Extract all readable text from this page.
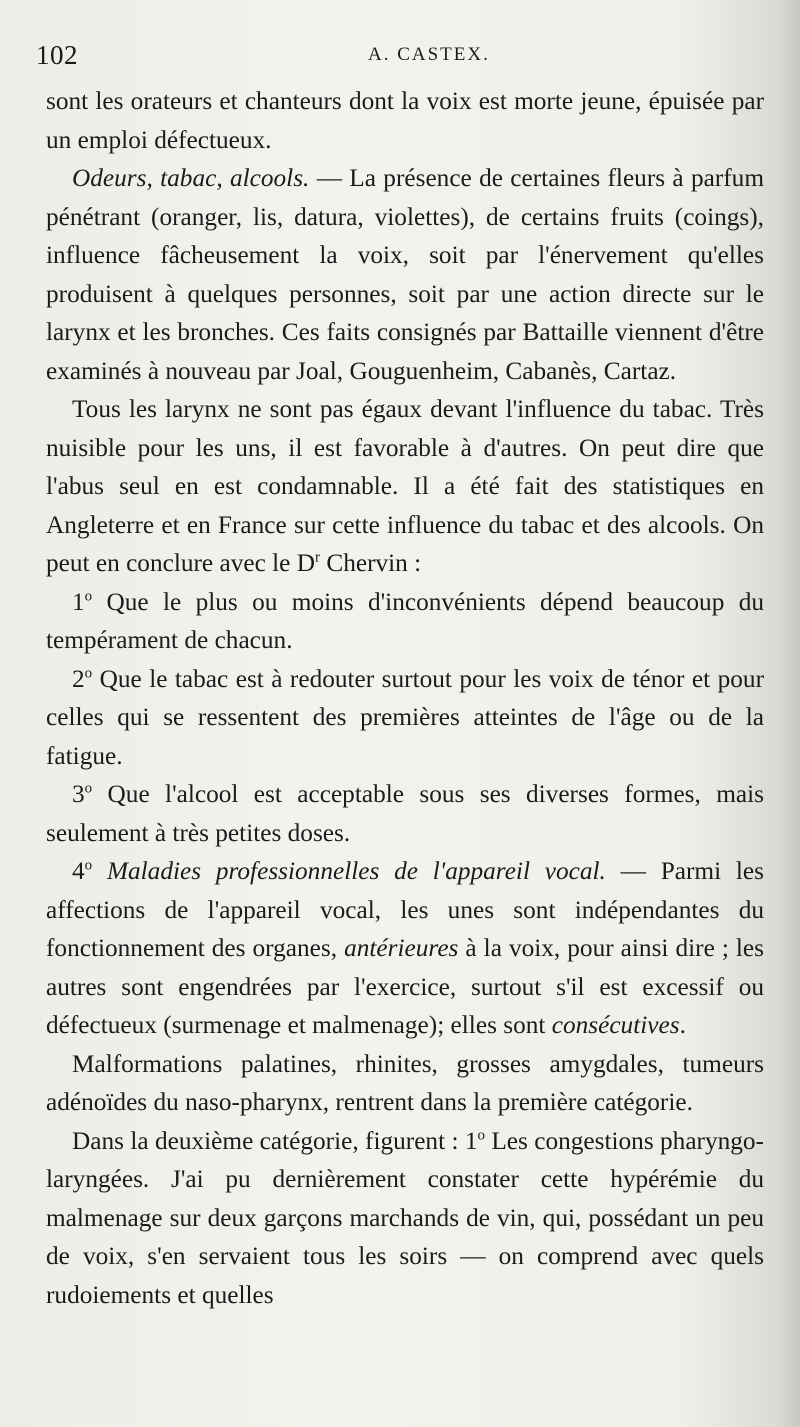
102	A. CASTEX.

sont les orateurs et chanteurs dont la voix est morte jeune, épuisée par un emploi défectueux.

Odeurs, tabac, alcools. — La présence de certaines fleurs à parfum pénétrant (oranger, lis, datura, violettes), de certains fruits (coings), influence fâcheusement la voix, soit par l'énervement qu'elles produisent à quelques personnes, soit par une action directe sur le larynx et les bronches. Ces faits consignés par Battaille viennent d'être examinés à nouveau par Joal, Gouguenheim, Cabanès, Cartaz.

Tous les larynx ne sont pas égaux devant l'influence du tabac. Très nuisible pour les uns, il est favorable à d'autres. On peut dire que l'abus seul en est condamnable. Il a été fait des statistiques en Angleterre et en France sur cette influence du tabac et des alcools. On peut en conclure avec le $D^r$ Chervin :

1$^o$ Que le plus ou moins d'inconvénients dépend beaucoup du tempérament de chacun.

2$^o$ Que le tabac est à redouter surtout pour les voix de ténor et pour celles qui se ressentent des premières atteintes de l'âge ou de la fatigue.

3$^o$ Que l'alcool est acceptable sous ses diverses formes, mais seulement à très petites doses.

4$^o$ Maladies professionnelles de l'appareil vocal. — Parmi les affections de l'appareil vocal, les unes sont indépendantes du fonctionnement des organes, antérieures à la voix, pour ainsi dire ; les autres sont engendrées par l'exercice, surtout s'il est excessif ou défectueux (surmenage et malmenage); elles sont consécutives.

Malformations palatines, rhinites, grosses amygdales, tumeurs adénoïdes du naso-pharynx, rentrent dans la première catégorie.

Dans la deuxième catégorie, figurent : 1$^o$ Les congestions pharyngo-laryngées. J'ai pu dernièrement constater cette hypérémie du malmenage sur deux garçons marchands de vin, qui, possédant un peu de voix, s'en servaient tous les soirs — on comprend avec quels rudoiements et quelles
